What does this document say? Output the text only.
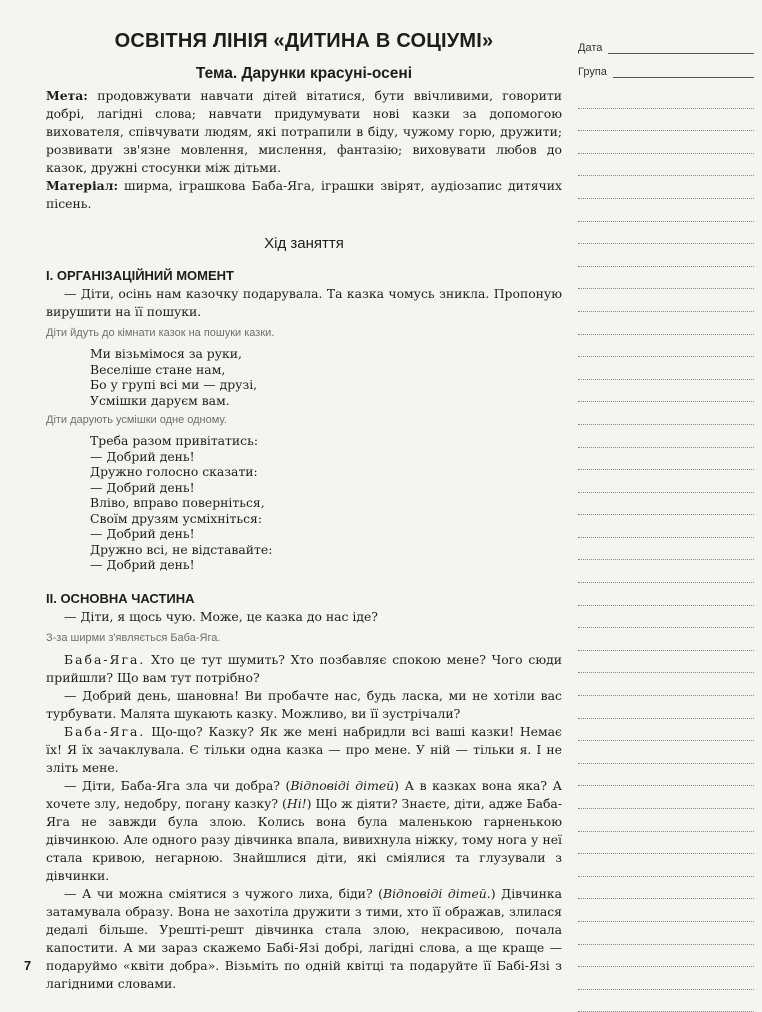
ОСВІТНЯ ЛІНІЯ «ДИТИНА В СОЦІУМІ»
Тема. Дарунки красуні-осені

Мета: продовжувати навчати дітей вітатися, бути ввічливими, говорити добрі, лагідні слова; навчати придумувати нові казки за допомогою вихователя, співчувати людям, які потрапили в біду, чужому горю, дружити; розвивати зв'язне мовлення, мислення, фантазію; виховувати любов до казок, дружні стосунки між дітьми.

Матеріал: ширма, іграшкова Баба-Яга, іграшки звірят, аудіозапис дитячих пісень.

Хід заняття
I. ОРГАНІЗАЦІЙНИЙ МОМЕНТ

— Діти, осінь нам казочку подарувала. Та казка чомусь зникла. Пропоную вирушити на її пошуки.

Діти йдуть до кімнати казок на пошуки казки.
Ми візьмімося за руки,
Веселіше стане нам,
Бо у групі всі ми — друзі,
Усмішки даруєм вам.
Діти дарують усмішки одне одному.
Треба разом привітатись:
— Добрий день!
Дружно голосно сказати:
— Добрий день!
Вліво, вправо поверніться,
Своїм друзям усміхніться:
— Добрий день!
Дружно всі, не відставайте:
— Добрий день!
II. ОСНОВНА ЧАСТИНА

— Діти, я щось чую. Може, це казка до нас іде?

З-за ширми з'являється Баба-Яга.

Баба-Яга. Хто це тут шумить? Хто позбавляє спокою мене? Чого сюди прийшли? Що вам тут потрібно?

— Добрий день, шановна! Ви пробачте нас, будь ласка, ми не хотіли вас турбувати. Малята шукають казку. Можливо, ви її зустрічали?

Баба-Яга. Що-що? Казку? Як же мені набридли всі ваші казки! Немає їх! Я їх зачаклувала. Є тільки одна казка — про мене. У ній — тільки я. І не зліть мене.

— Діти, Баба-Яга зла чи добра? (Відповіді дітей) А в казках вона яка? А хочете злу, недобру, погану казку? (Ні!) Що ж діяти? Знаєте, діти, адже Баба-Яга не завжди була злою. Колись вона була маленькою гарненькою дівчинкою. Але одного разу дівчинка впала, вивихнула ніжку, тому нога у неї стала кривою, негарною. Знайшлися діти, які сміялися та глузували з дівчинки.

— А чи можна сміятися з чужого лиха, біди? (Відповіді дітей.) Дівчинка затамувала образу. Вона не захотіла дружити з тими, хто її ображав, злилася дедалі більше. Урешті-решт дівчинка стала злою, некрасивою, почала капостити. А ми зараз скажемо Бабі-Язі добрі, лагідні слова, а ще краще — подаруймо «квіти добра». Візьміть по одній квітці та подаруйте її Бабі-Язі з лагідними словами.

Дата
Група
7
